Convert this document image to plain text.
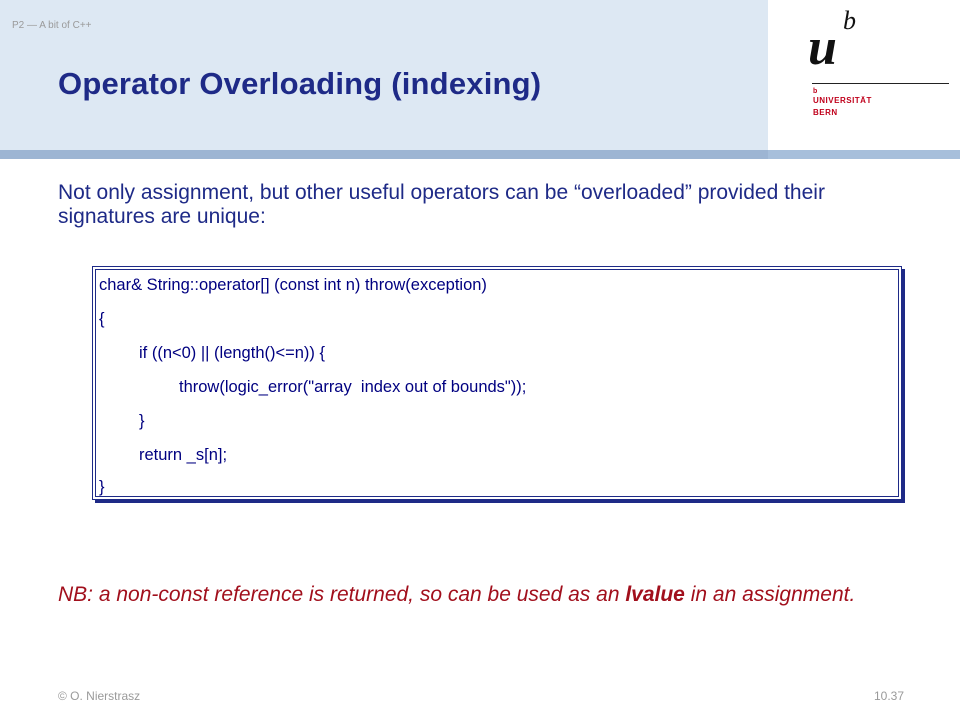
P2 — A bit of C++
Operator Overloading (indexing)
u b
b
UNIVERSITÄT
BERN

Not only assignment, but other useful operators can be “overloaded” provided their signatures are unique:

char& String::operator[] (const int n) throw(exception)

{

if ((n<0) || (length()<=n)) {

throw(logic_error("array  index out of bounds"));

}

return _s[n];

}

NB: a non-const reference is returned, so can be used as an lvalue in an assignment.

© O. Nierstrasz	10.37
